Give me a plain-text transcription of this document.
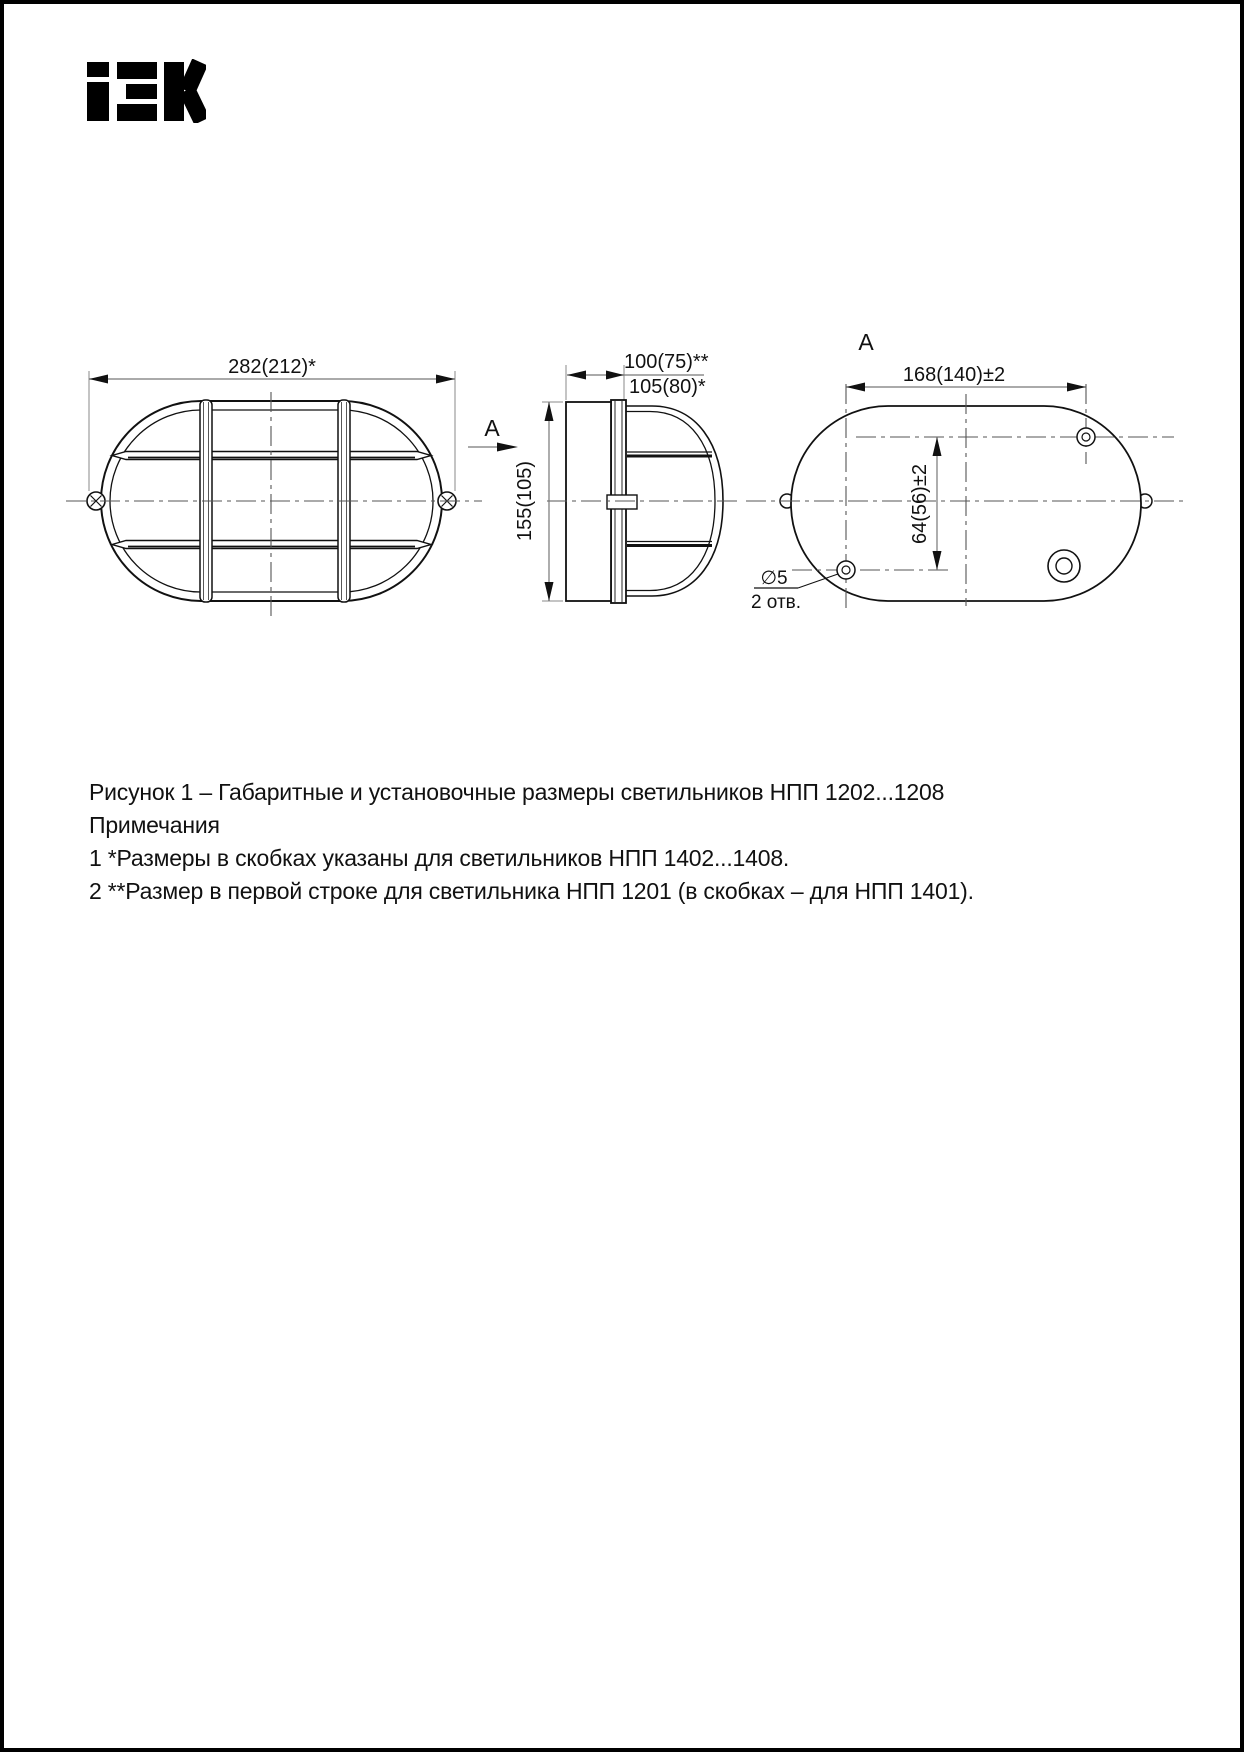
282(212)*
A
100(75)**
105(80)*
155(105)
A
168(140)±2
64(56)±2
∅5
2 отв.
Рисунок 1 – Габаритные и установочные размеры светильников НПП 1202...1208
Примечания
1 *Размеры в скобках указаны для светильников НПП 1402...1408.
2 **Размер в первой строке для светильника НПП 1201 (в скобках – для НПП 1401).
